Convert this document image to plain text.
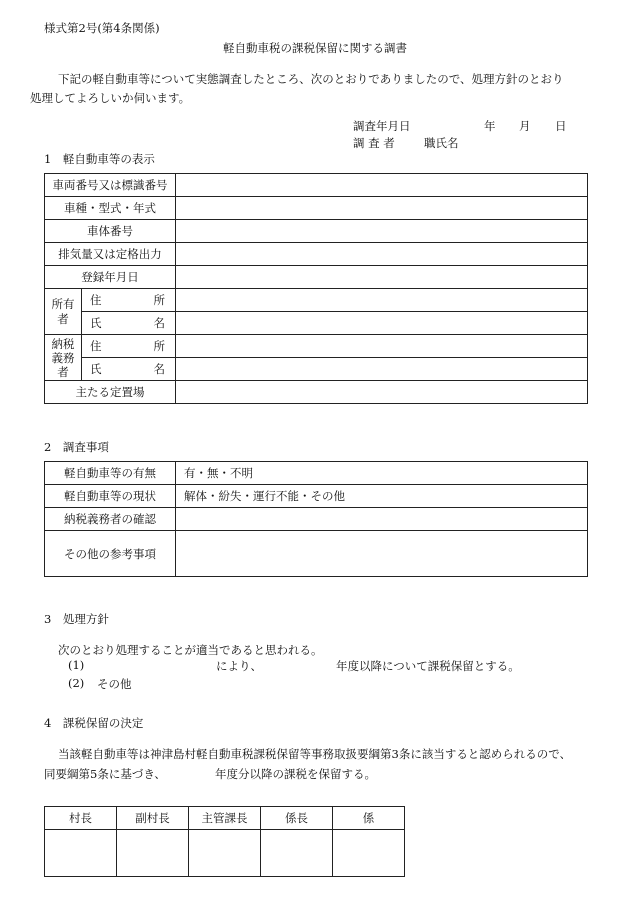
様式第2号(第4条関係)
軽自動車税の課税保留に関する調書
下記の軽自動車等について実態調査したところ、次のとおりでありましたので、処理方針のとおり
処理してよろしいか伺います。
調査年月日	年 月 日
調 査 者	職氏名
1　軽自動車等の表示
車両番号又は標識番号		
車種・型式・年式		
車体番号		
排気量又は定格出力		
登録年月日		

所有者	住 所	

	氏 名	

納税義務者	住 所	

	氏 名	

主たる定置場		
2　調査事項
軽自動車等の有無	有・無・不明
軽自動車等の現状	解体・紛失・運行不能・その他
納税義務者の確認	
その他の参考事項	
3　処理方針
次のとおり処理することが適当であると思われる。
(1)	により、	年度以降について課税保留とする。
(2) その他
4　課税保留の決定
当該軽自動車等は神津島村軽自動車税課税保留等事務取扱要綱第3条に該当すると認められるので、
同要綱第5条に基づき、	年度分以降の課税を保留する。
村長	副村長	主管課長	係長	係
